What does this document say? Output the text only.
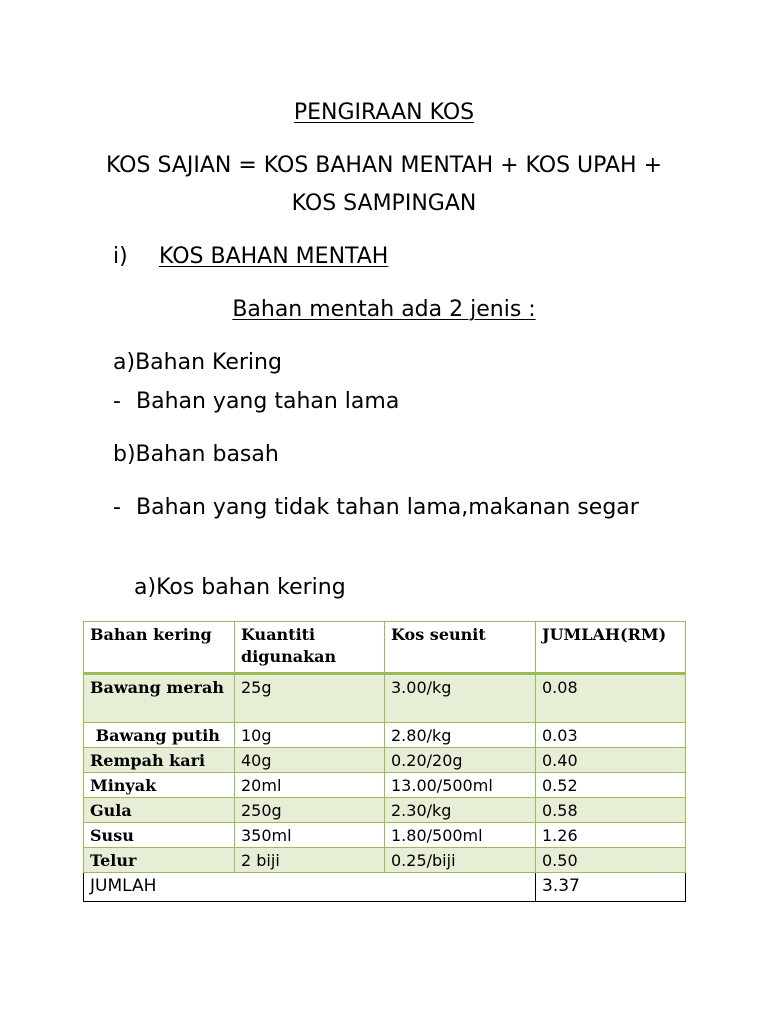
PENGIRAAN KOS
KOS SAJIAN = KOS BAHAN MENTAH + KOS UPAH +
KOS SAMPINGAN
i) KOS BAHAN MENTAH
Bahan mentah ada 2 jenis :
a)Bahan Kering
- Bahan yang tahan lama
b)Bahan basah
- Bahan yang tidak tahan lama,makanan segar
a)Kos bahan kering
Bahan kering	Kuantiti digunakan	Kos seunit	JUMLAH(RM)
Bawang merah	25g	3.00/kg	0.08
Bawang putih	10g	2.80/kg	0.03
Rempah kari	40g	0.20/20g	0.40
Minyak	20ml	13.00/500ml	0.52
Gula	250g	2.30/kg	0.58
Susu	350ml	1.80/500ml	1.26
Telur	2 biji	0.25/biji	0.50
JUMLAH			3.37
